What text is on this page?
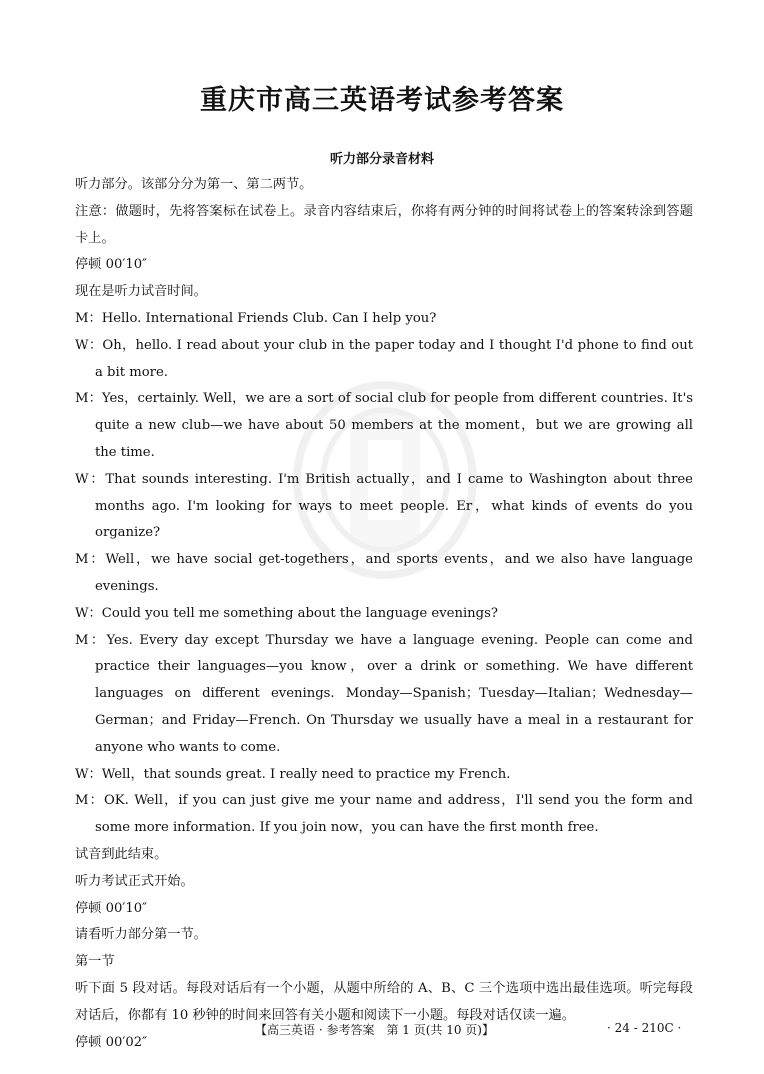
重庆市高三英语考试参考答案
听力部分录音材料
听力部分。该部分分为第一、第二两节。
注意：做题时，先将答案标在试卷上。录音内容结束后，你将有两分钟的时间将试卷上的答案转涂到答题卡上。
停顿 00′10″
现在是听力试音时间。
M：Hello. International Friends Club. Can I help you?
W：Oh，hello. I read about your club in the paper today and I thought I'd phone to find out a bit more.
M：Yes，certainly. Well，we are a sort of social club for people from different countries. It's quite a new club—we have about 50 members at the moment，but we are growing all the time.
W：That sounds interesting. I'm British actually，and I came to Washington about three months ago. I'm looking for ways to meet people. Er，what kinds of events do you organize?
M：Well，we have social get-togethers，and sports events，and we also have language evenings.
W：Could you tell me something about the language evenings?
M：Yes. Every day except Thursday we have a language evening. People can come and practice their languages—you know，over a drink or something. We have different languages on different evenings. Monday—Spanish；Tuesday—Italian；Wednesday—German；and Friday—French. On Thursday we usually have a meal in a restaurant for anyone who wants to come.
W：Well，that sounds great. I really need to practice my French.
M：OK. Well，if you can just give me your name and address，I'll send you the form and some more information. If you join now，you can have the first month free.
试音到此结束。
听力考试正式开始。
停顿 00′10″
请看听力部分第一节。
第一节
听下面 5 段对话。每段对话后有一个小题，从题中所给的 A、B、C 三个选项中选出最佳选项。听完每段对话后，你都有 10 秒钟的时间来回答有关小题和阅读下一小题。每段对话仅读一遍。
停顿 00′02″
【高三英语 · 参考答案　第 1 页(共 10 页)】	· 24 - 210C ·
